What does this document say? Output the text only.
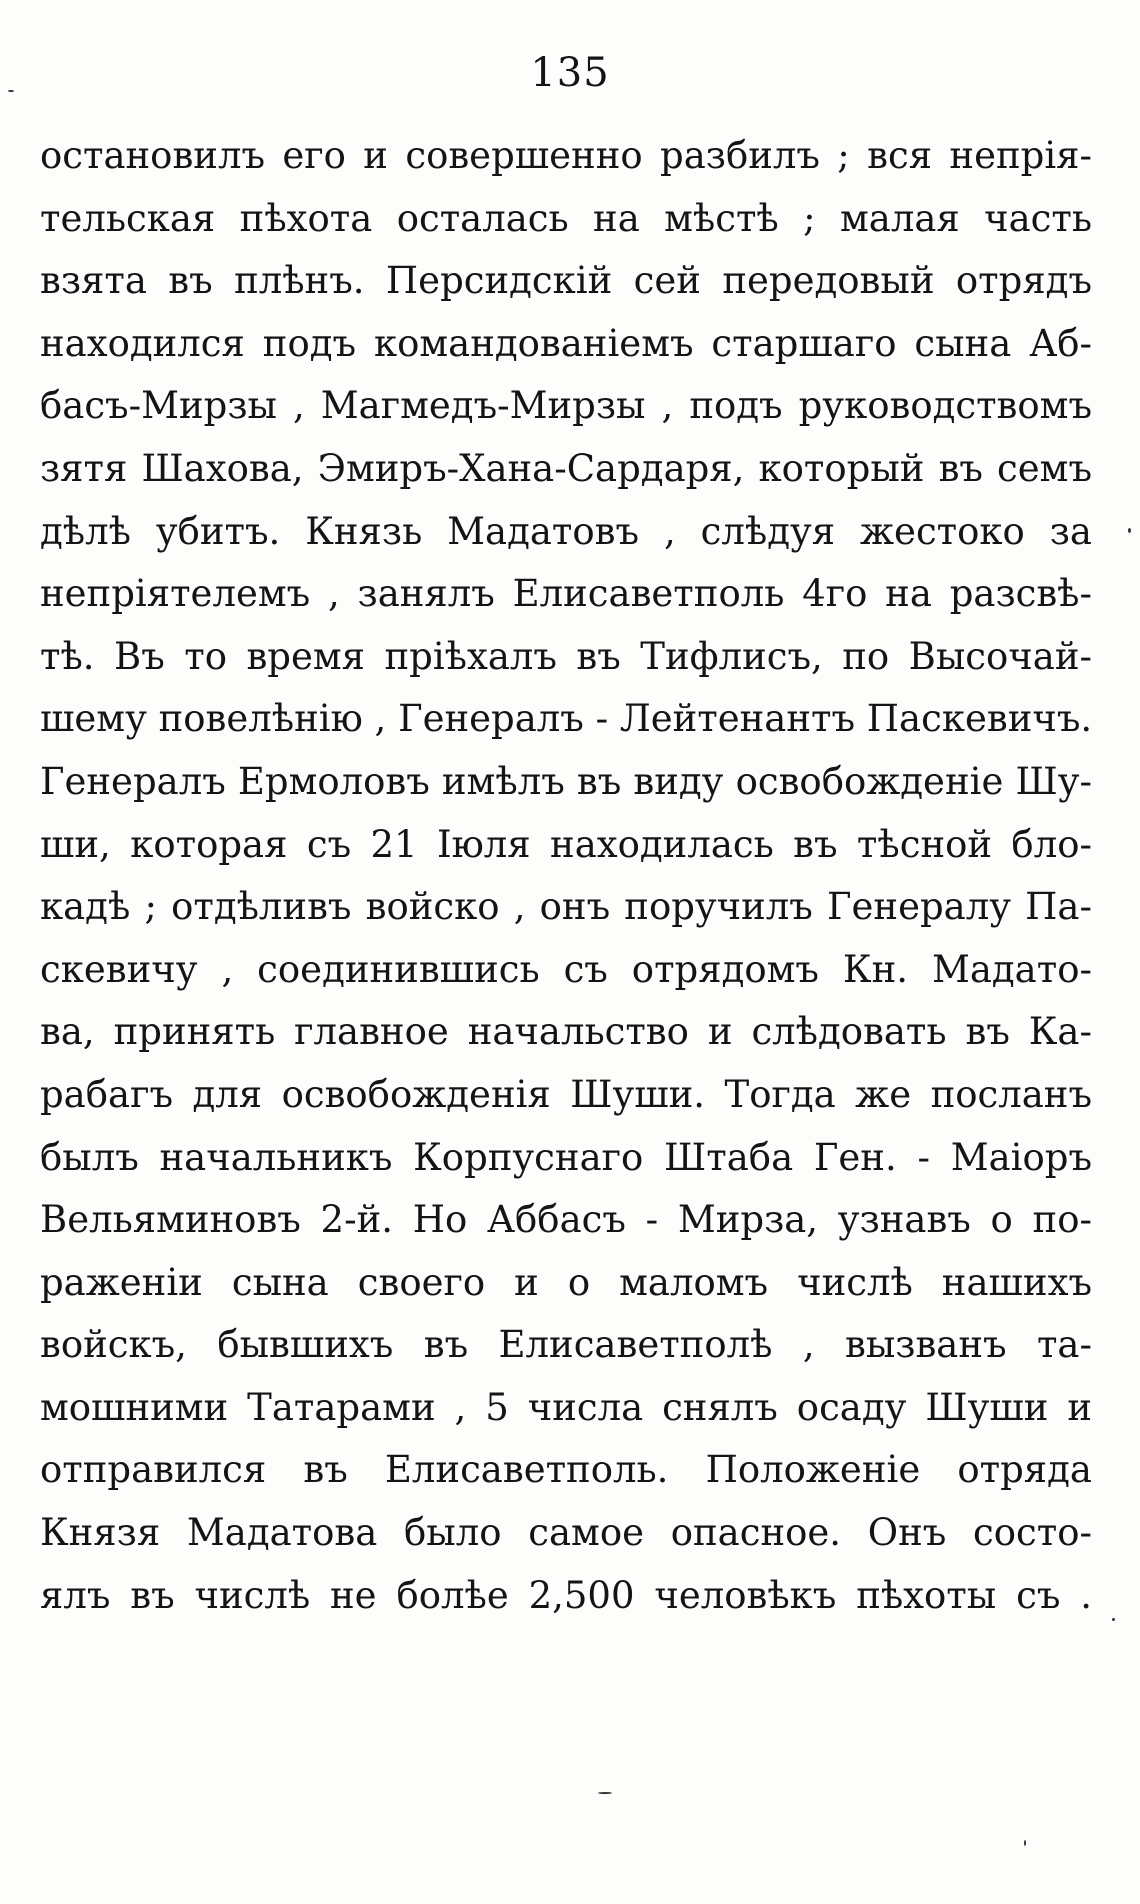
135
остановилъ его и совершенно разбилъ ; вся непрія-
тельская пѣхота осталась на мѣстѣ ; малая часть
взята въ плѣнъ. Персидскій сей передовый отрядъ
находился подъ командованіемъ старшаго сына Аб-
басъ-Мирзы , Магмедъ-Мирзы , подъ руководствомъ
зятя Шахова, Эмиръ-Хана-Сардаря, который въ семъ
дѣлѣ убитъ. Князь Мадатовъ , слѣдуя жестоко за
непріятелемъ , занялъ Елисаветполь 4го на разсвѣ-
тѣ. Въ то время пріѣхалъ въ Тифлисъ, по Высочай-
шему повелѣнію , Генералъ - Лейтенантъ Паскевичъ.
Генералъ Ермоловъ имѣлъ въ виду освобожденіе Шу-
ши, которая съ 21 Іюля находилась въ тѣсной бло-
кадѣ ; отдѣливъ войско , онъ поручилъ Генералу Па-
скевичу , соединившись съ отрядомъ Кн. Мадато-
ва, принять главное начальство и слѣдовать въ Ка-
рабагъ для освобожденія Шуши. Тогда же посланъ
былъ начальникъ Корпуснаго Штаба Ген. - Маіоръ
Вельяминовъ 2-й. Но Аббасъ - Мирза, узнавъ о по-
раженіи сына своего и о маломъ числѣ нашихъ
войскъ, бывшихъ въ Елисаветполѣ , вызванъ та-
мошними Татарами , 5 числа снялъ осаду Шуши и
отправился въ Елисаветполь. Положеніе отряда
Князя Мадатова было самое опасное. Онъ состо-
ялъ въ числѣ не болѣе 2,500 человѣкъ пѣхоты съ .
